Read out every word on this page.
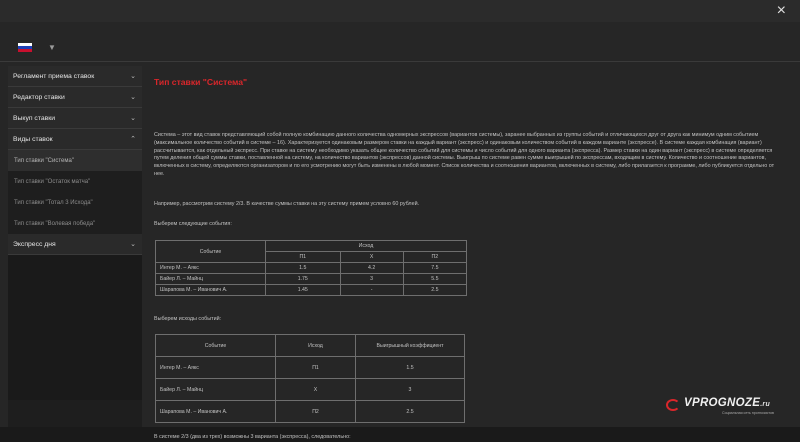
×
▼
Регламент приема ставок	⌄
Редактор ставки	⌄
Выкуп ставки	⌄
Виды ставок	⌃
Тип ставки "Система"
Тип ставки "Остаток матча"
Тип ставки "Тотал 3 Исхода"
Тип ставки "Волевая победа"
Экспресс дня	⌄
Тип ставки "Система"
Система – этот вид ставок представляющий собой полную комбинацию данного количества одномерных экспрессов (вариантов системы), заранее выбранных из группы событий и отличающихся друг от друга как минимум одним событием (максимальное количество событий в системе – 16). Характеризуется одинаковым размером ставки на каждый вариант (экспресс) и одинаковым количеством событий в каждом варианте (экспрессе). В системе каждая комбинация (вариант) рассчитывается, как отдельный экспресс. При ставке на систему необходимо указать общее количество событий для системы и число событий для одного варианта (экспресса). Размер ставки на один вариант (экспресс) в системе определяется путем деления общей суммы ставки, поставленной на систему, на количество вариантов (экспрессов) данной системы. Выигрыш по системе равен сумме выигрышей по экспрессам, входящим в систему. Количество и соотношение вариантов, включенных в систему, определяются организатором и по его усмотрению могут быть изменены в любой момент. Список количества и соотношения вариантов, включенных в систему, либо прилагается к программе, либо публикуется отдельно от нее.
Например, рассмотрим систему 2/3. В качестве суммы ставки на эту систему примем условно 60 рублей.
Выберем следующие события:
Событие	Исход		
	П1	Х	П2
Интер М. – Аякс	1.5	4.2	7.5
Байер Л. – Майнц	1.75	3	5.5
Шарапова М. – Иванович А.	1.45	-	2.5
Выберем исходы событий:
Событие	Исход	Выигрышный коэффициент
Интер М. – Аякс	П1	1.5
Байер Л. – Майнц	Х	3
Шарапова М. – Иванович А.	П2	2.5
В системе 2/3 (два из трех) возможны 3 варианта (экспресса), следовательно:
VPROGNOZE.ru
Социальная сеть прогнозистов
